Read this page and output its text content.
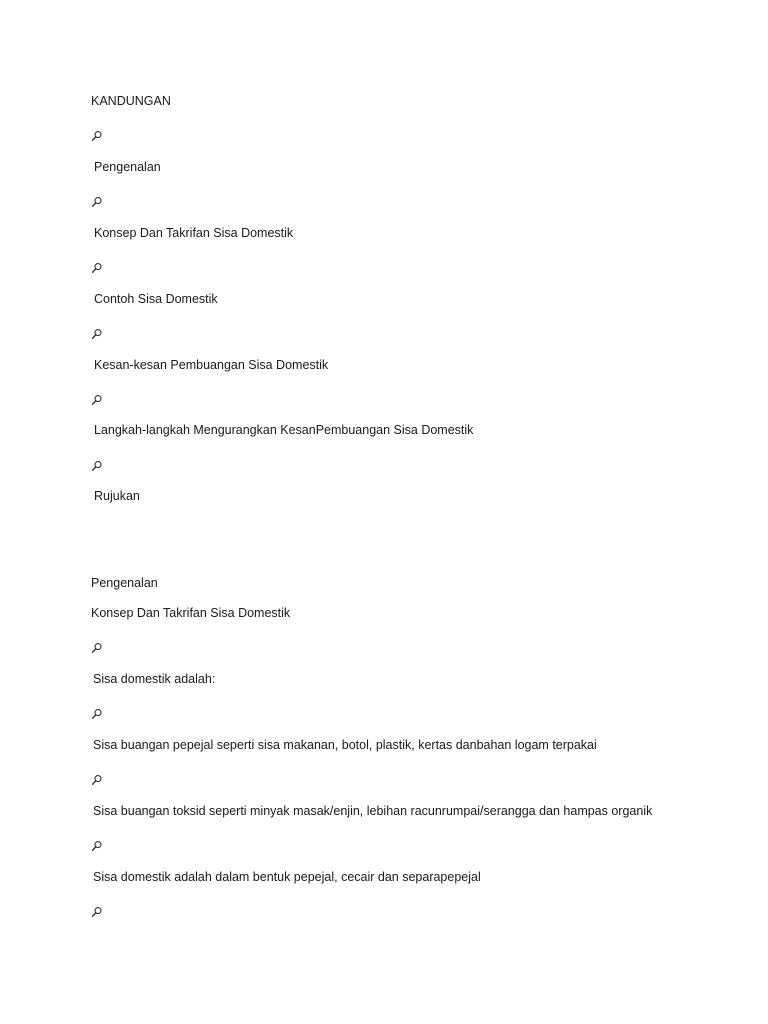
KANDUNGAN
Pengenalan
Konsep Dan Takrifan Sisa Domestik
Contoh Sisa Domestik
Kesan-kesan Pembuangan Sisa Domestik
Langkah-langkah Mengurangkan KesanPembuangan Sisa Domestik
Rujukan
Pengenalan
Konsep Dan Takrifan Sisa Domestik
Sisa domestik adalah:
Sisa buangan pepejal seperti sisa makanan, botol, plastik, kertas danbahan logam terpakai
Sisa buangan toksid seperti minyak masak/enjin, lebihan racunrumpai/serangga dan hampas organik
Sisa domestik adalah dalam bentuk pepejal, cecair dan separapepejal
